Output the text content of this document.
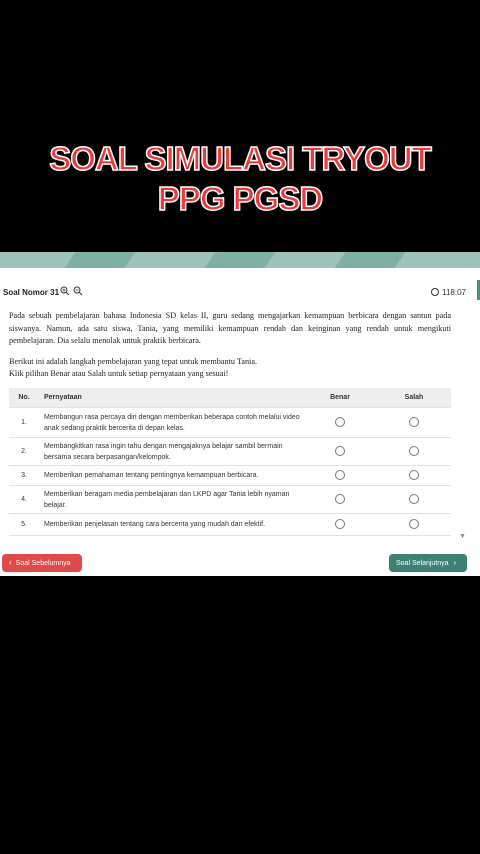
SOAL SIMULASI TRYOUT
PPG PGSD
Soal Nomor 31	118:07

Pada sebuah pembelajaran bahasa Indonesia SD kelas II, guru sedang mengajarkan kemampuan berbicara dengan santun pada siswanya. Namun, ada satu siswa, Tania, yang memiliki kemampuan rendah dan keinginan yang rendah untuk mengikuti pembelajaran. Dia selalu menolak untuk praktik berbicara.

Berikut ini adalah langkah pembelajaran yang tepat untuk membantu Tania.

Klik pilihan Benar atau Salah untuk setiap pernyataan yang sesuai!

No.	Pernyataan	Benar	Salah
1.	Membangun rasa percaya diri dengan memberikan beberapa contoh melalui video anak sedang praktik bercerita di depan kelas.		
2.	Membangkitkan rasa ingin tahu dengan mengajaknya belajar sambil bermain bersama secara berpasangan/kelompok.		
3.	Memberikan pemahaman tentang pentingnya kemampuan berbicara.		
4.	Memberikan beragam media pembelajaran dan LKPD agar Tania lebih nyaman belajar.		
5.	Memberikan penjelasan tentang cara bercerita yang mudah dan efektif.		
▼
‹ Soal Sebelumnya	Soal Selanjutnya ›
